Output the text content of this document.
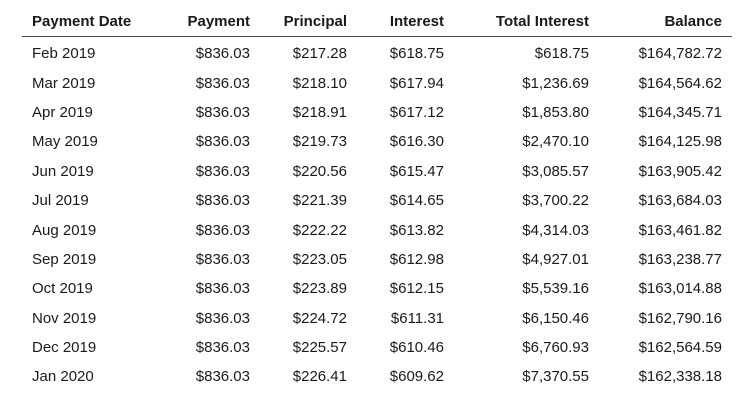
Payment Date	Payment	Principal	Interest	Total Interest	Balance
Feb 2019	$836.03	$217.28	$618.75	$618.75	$164,782.72
Mar 2019	$836.03	$218.10	$617.94	$1,236.69	$164,564.62
Apr 2019	$836.03	$218.91	$617.12	$1,853.80	$164,345.71
May 2019	$836.03	$219.73	$616.30	$2,470.10	$164,125.98
Jun 2019	$836.03	$220.56	$615.47	$3,085.57	$163,905.42
Jul 2019	$836.03	$221.39	$614.65	$3,700.22	$163,684.03
Aug 2019	$836.03	$222.22	$613.82	$4,314.03	$163,461.82
Sep 2019	$836.03	$223.05	$612.98	$4,927.01	$163,238.77
Oct 2019	$836.03	$223.89	$612.15	$5,539.16	$163,014.88
Nov 2019	$836.03	$224.72	$611.31	$6,150.46	$162,790.16
Dec 2019	$836.03	$225.57	$610.46	$6,760.93	$162,564.59
Jan 2020	$836.03	$226.41	$609.62	$7,370.55	$162,338.18
